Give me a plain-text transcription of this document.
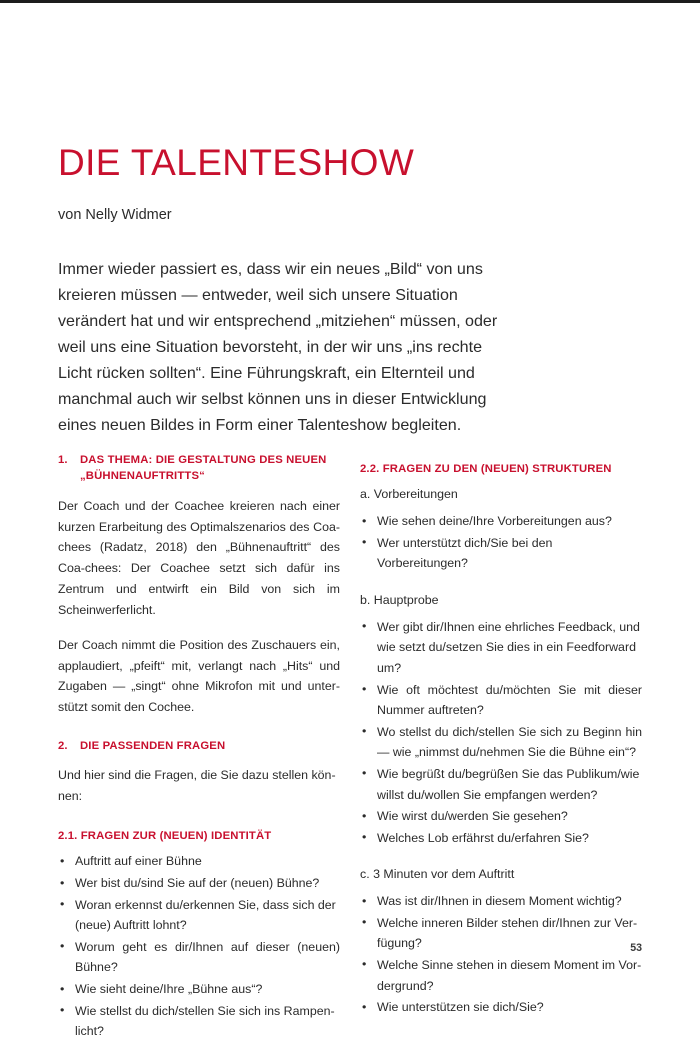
DIE TALENTESHOW
von Nelly Widmer
Immer wieder passiert es, dass wir ein neues „Bild“ von uns kreieren müssen — entweder, weil sich unsere Situation verändert hat und wir entsprechend „mitziehen“ müssen, oder weil uns eine Situation bevorsteht, in der wir uns „ins rechte Licht rücken sollten“. Eine Führungskraft, ein Elternteil und manchmal auch wir selbst können uns in dieser Entwicklung eines neuen Bildes in Form einer Talenteshow begleiten.
1.	DAS THEMA: DIE GESTALTUNG DES NEUEN „BÜHNENAUFTRITTS“

Der Coach und der Coachee kreieren nach einer kurzen Erarbeitung des Optimalszenarios des Coa-chees (Radatz, 2018) den „Bühnenauftritt“ des Coa-chees: Der Coachee setzt sich dafür ins Zentrum und entwirft ein Bild von sich im Scheinwerferlicht.

Der Coach nimmt die Position des Zuschauers ein, applaudiert, „pfeift“ mit, verlangt nach „Hits“ und Zugaben — „singt“ ohne Mikrofon mit und unter-stützt somit den Cochee.

2.	DIE PASSENDEN FRAGEN

Und hier sind die Fragen, die Sie dazu stellen kön-nen:

2.1. FRAGEN ZUR (NEUEN) IDENTITÄT
• Auftritt auf einer Bühne
• Wer bist du/sind Sie auf der (neuen) Bühne?
• Woran erkennst du/erkennen Sie, dass sich der (neue) Auftritt lohnt?
• Worum geht es dir/Ihnen auf dieser (neuen) Bühne?
• Wie sieht deine/Ihre „Bühne aus“?
• Wie stellst du dich/stellen Sie sich ins Rampen-licht?
2.2. FRAGEN ZU DEN (NEUEN) STRUKTUREN

a. Vorbereitungen

• Wie sehen deine/Ihre Vorbereitungen aus?
• Wer unterstützt dich/Sie bei den Vorbereitungen?

b. Hauptprobe

• Wer gibt dir/Ihnen eine ehrliches Feedback, und wie setzt du/setzen Sie dies in ein Feedforward um?
• Wie oft möchtest du/möchten Sie mit dieser Nummer auftreten?
• Wo stellst du dich/stellen Sie sich zu Beginn hin — wie „nimmst du/nehmen Sie die Bühne ein“?
• Wie begrüßt du/begrüßen Sie das Publikum/wie willst du/wollen Sie empfangen werden?
• Wie wirst du/werden Sie gesehen?
• Welches Lob erfährst du/erfahren Sie?

c. 3 Minuten vor dem Auftritt

• Was ist dir/Ihnen in diesem Moment wichtig?
• Welche inneren Bilder stehen dir/Ihnen zur Ver-fügung?
• Welche Sinne stehen in diesem Moment im Vor-dergrund?
• Wie unterstützen sie dich/Sie?
53
